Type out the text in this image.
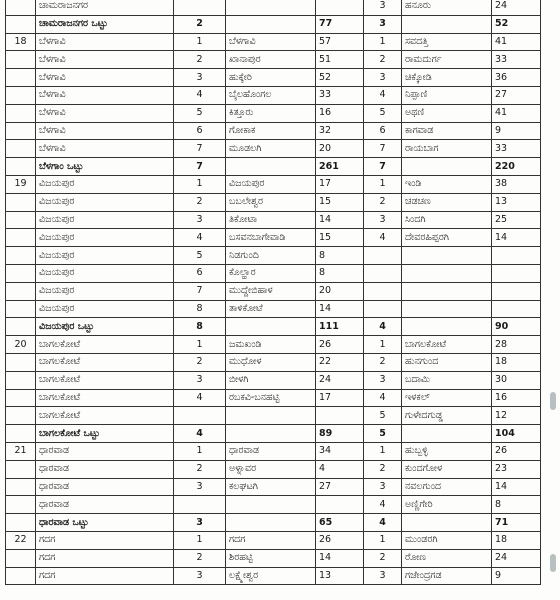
	ಚಾಮರಾಜನಗರ				3	ಹನೂರು	24
	ಚಾಮರಾಜನಗರ ಒಟ್ಟು	2		77	3		52
18	ಬೆಳಗಾವಿ	1	ಬೆಳಗಾವಿ	57	1	ಸವದತ್ತಿ	41
	ಬೆಳಗಾವಿ	2	ಖಾನಾಪುರ	51	2	ರಾಮದುರ್ಗ	33
	ಬೆಳಗಾವಿ	3	ಹುಕ್ಕೇರಿ	52	3	ಚಿಕ್ಕೋಡಿ	36
	ಬೆಳಗಾವಿ	4	ಬೈಲಹೊಂಗಲ	33	4	ನಿಪ್ಪಾಣಿ	27
	ಬೆಳಗಾವಿ	5	ಕಿತ್ತೂರು	16	5	ಅಥಣಿ	41
	ಬೆಳಗಾವಿ	6	ಗೋಕಾಕ	32	6	ಕಾಗವಾಡ	9
	ಬೆಳಗಾವಿ	7	ಮೂಡಲಗಿ	20	7	ರಾಯಬಾಗ	33
	ಬೆಳಗಾಂ ಒಟ್ಟು	7		261	7		220
19	ವಿಜಯಪುರ	1	ವಿಜಯಪುರ	17	1	ಇಂಡಿ	38
	ವಿಜಯಪುರ	2	ಬಬಲೇಶ್ವರ	15	2	ಚಡಚಣ	13
	ವಿಜಯಪುರ	3	ತಿಕೋಟಾ	14	3	ಸಿಂದಗಿ	25
	ವಿಜಯಪುರ	4	ಬಸವನಬಾಗೇವಾಡಿ	15	4	ದೇವರಹಿಪ್ಪರಗಿ	14
	ವಿಜಯಪುರ	5	ನಿಡಗುಂದಿ	8			
	ವಿಜಯಪುರ	6	ಕೊಲ್ಹಾರ	8			
	ವಿಜಯಪುರ	7	ಮುದ್ದೇಬಿಹಾಳ	20			
	ವಿಜಯಪುರ	8	ತಾಳಿಕೋಟೆ	14			
	ವಿಜಯಪುರ ಒಟ್ಟು	8		111	4		90
20	ಬಾಗಲಕೋಟೆ	1	ಜಮಖಂಡಿ	26	1	ಬಾಗಲಕೋಟೆ	28
	ಬಾಗಲಕೋಟೆ	2	ಮುಧೋಳ	22	2	ಹುನಗುಂದ	18
	ಬಾಗಲಕೋಟೆ	3	ಬೀಳಗಿ	24	3	ಬದಾಮಿ	30
	ಬಾಗಲಕೋಟೆ	4	ರಬಕವಿ-ಬನಹಟ್ಟಿ	17	4	ಇಳಕಲ್	16
	ಬಾಗಲಕೋಟೆ				5	ಗುಳೇದಗುಡ್ಡ	12
	ಬಾಗಲಕೋಟೆ ಒಟ್ಟು	4		89	5		104
21	ಧಾರವಾಡ	1	ಧಾರವಾಡ	34	1	ಹುಬ್ಬಳ್ಳಿ	26
	ಧಾರವಾಡ	2	ಅಳ್ನಾವರ	4	2	ಕುಂದಗೋಳ	23
	ಧಾರವಾಡ	3	ಕಲಘಟಗಿ	27	3	ನವಲಗುಂದ	14
	ಧಾರವಾಡ				4	ಅಣ್ಣಿಗೇರಿ	8
	ಧಾರವಾಡ ಒಟ್ಟು	3		65	4		71
22	ಗದಗ	1	ಗದಗ	26	1	ಮುಂಡರಗಿ	18
	ಗದಗ	2	ಶಿರಹಟ್ಟಿ	14	2	ರೋಣ	24
	ಗದಗ	3	ಲಕ್ಷ್ಮೇಶ್ವರ	13	3	ಗಜೇಂದ್ರಗಡ	9
